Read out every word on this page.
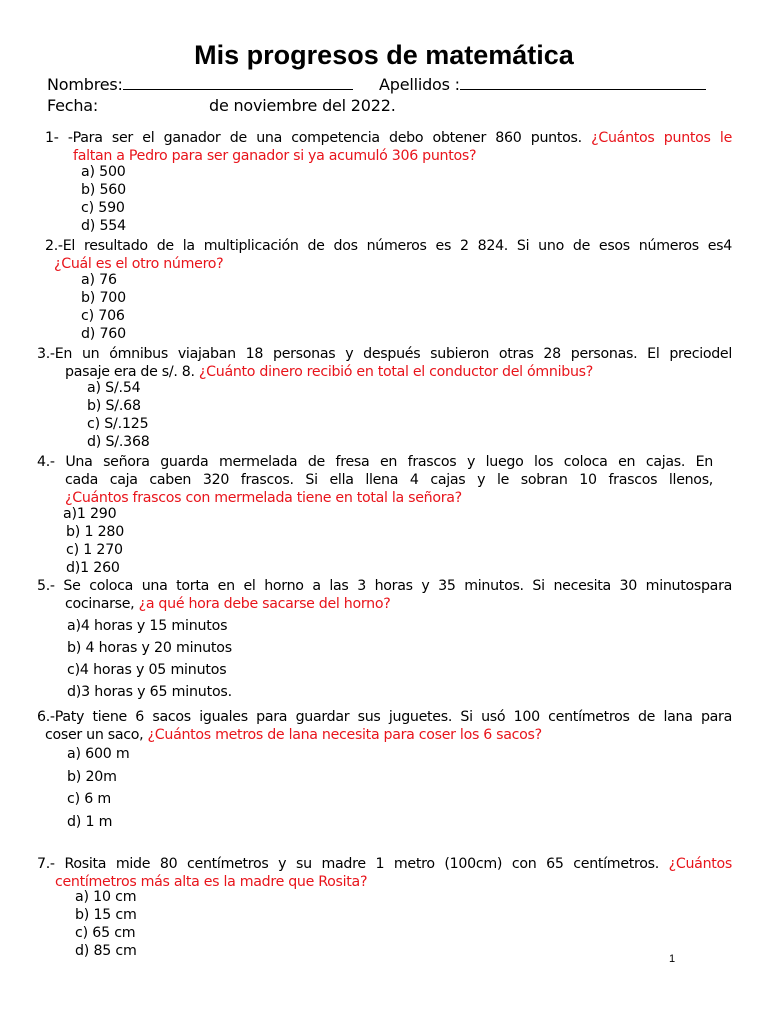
Mis progresos de matemática
Nombres:	Apellidos :
Fecha:	de noviembre del 2022.

1- -Para ser el ganador de una competencia debo obtener 860 puntos. ¿Cuántos puntos le

faltan a Pedro para ser ganador si ya acumuló 306 puntos?

a) 500
b) 560
c) 590
d) 554

2.-El resultado de la multiplicación de dos números es 2 824. Si uno de esos números es4

¿Cuál es el otro número?

a) 76
b) 700
c) 706
d) 760

3.-En un ómnibus viajaban 18 personas y después subieron otras 28 personas. El preciodel

pasaje era de s/. 8. ¿Cuánto dinero recibió en total el conductor del ómnibus?

a) S/.54
b) S/.68
c) S/.125
d) S/.368

4.- Una señora guarda mermelada de fresa en frascos y luego los coloca en cajas. En

cada caja caben 320 frascos. Si ella llena 4 cajas y le sobran 10 frascos llenos,

¿Cuántos frascos con mermelada tiene en total la señora?

a)1 290
b) 1 280
c) 1 270
d)1 260

5.- Se coloca una torta en el horno a las 3 horas y 35 minutos. Si necesita 30 minutospara

cocinarse, ¿a qué hora debe sacarse del horno?

a)4 horas y 15 minutos
b) 4 horas y 20 minutos
c)4 horas y 05 minutos
d)3 horas y 65 minutos.

6.-Paty tiene 6 sacos iguales para guardar sus juguetes. Si usó 100 centímetros de lana para

coser un saco, ¿Cuántos metros de lana necesita para coser los 6 sacos?

a) 600 m
b) 20m
c) 6 m
d) 1 m

7.- Rosita mide 80 centímetros y su madre 1 metro (100cm) con 65 centímetros. ¿Cuántos

centímetros más alta es la madre que Rosita?

a) 10 cm
b) 15 cm
c) 65 cm
d) 85 cm	1
